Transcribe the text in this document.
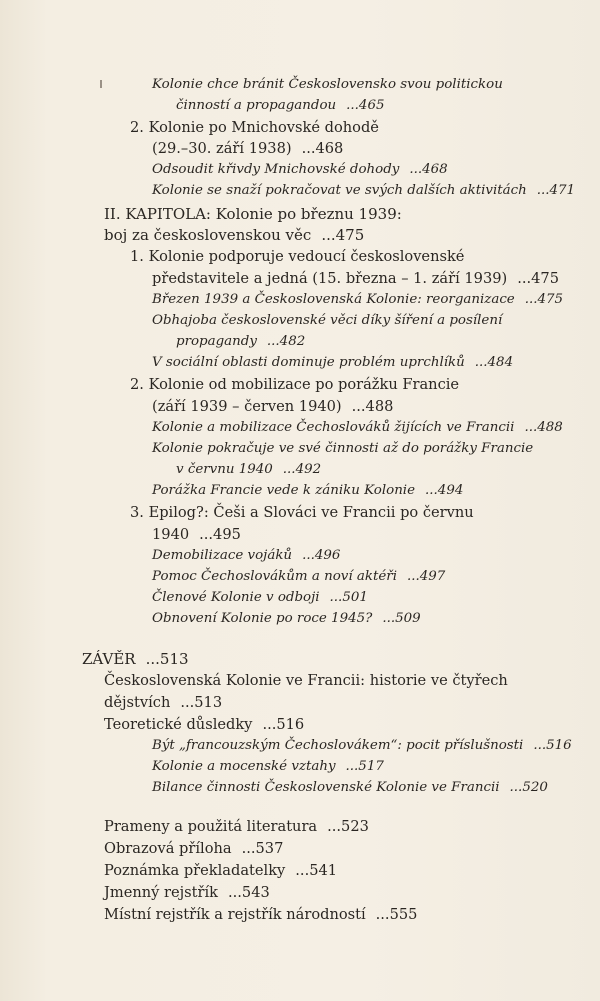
Kolonie chce bránit Československo svou politickou
činností a propagandou ...465
2. Kolonie po Mnichovské dohodě
(29.–30. září 1938) ...468
Odsoudit křivdy Mnichovské dohody ...468
Kolonie se snaží pokračovat ve svých dalších aktivitách ...471
II. KAPITOLA: Kolonie po březnu 1939:
boj za československou věc ...475
1. Kolonie podporuje vedoucí československé
představitele a jedná (15. března – 1. září 1939) ...475
Březen 1939 a Československá Kolonie: reorganizace ...475
Obhajoba československé věci díky šíření a posílení
propagandy ...482
V sociální oblasti dominuje problém uprchlíků ...484
2. Kolonie od mobilizace po porážku Francie
(září 1939 – červen 1940) ...488
Kolonie a mobilizace Čechoslováků žijících ve Francii ...488
Kolonie pokračuje ve své činnosti až do porážky Francie
v červnu 1940 ...492
Porážka Francie vede k zániku Kolonie ...494
3. Epilog?: Češi a Slováci ve Francii po červnu
1940 ...495
Demobilizace vojáků ...496
Pomoc Čechoslovákům a noví aktéři ...497
Členové Kolonie v odboji ...501
Obnovení Kolonie po roce 1945? ...509
ZÁVĚR ...513
Československá Kolonie ve Francii: historie ve čtyřech
dějstvích ...513
Teoretické důsledky ...516
Být „francouzským Čechoslovákem“: pocit příslušnosti ...516
Kolonie a mocenské vztahy ...517
Bilance činnosti Československé Kolonie ve Francii ...520
Prameny a použitá literatura ...523
Obrazová příloha ...537
Poznámka překladatelky ...541
Jmenný rejstřík ...543
Místní rejstřík a rejstřík národností ...555
